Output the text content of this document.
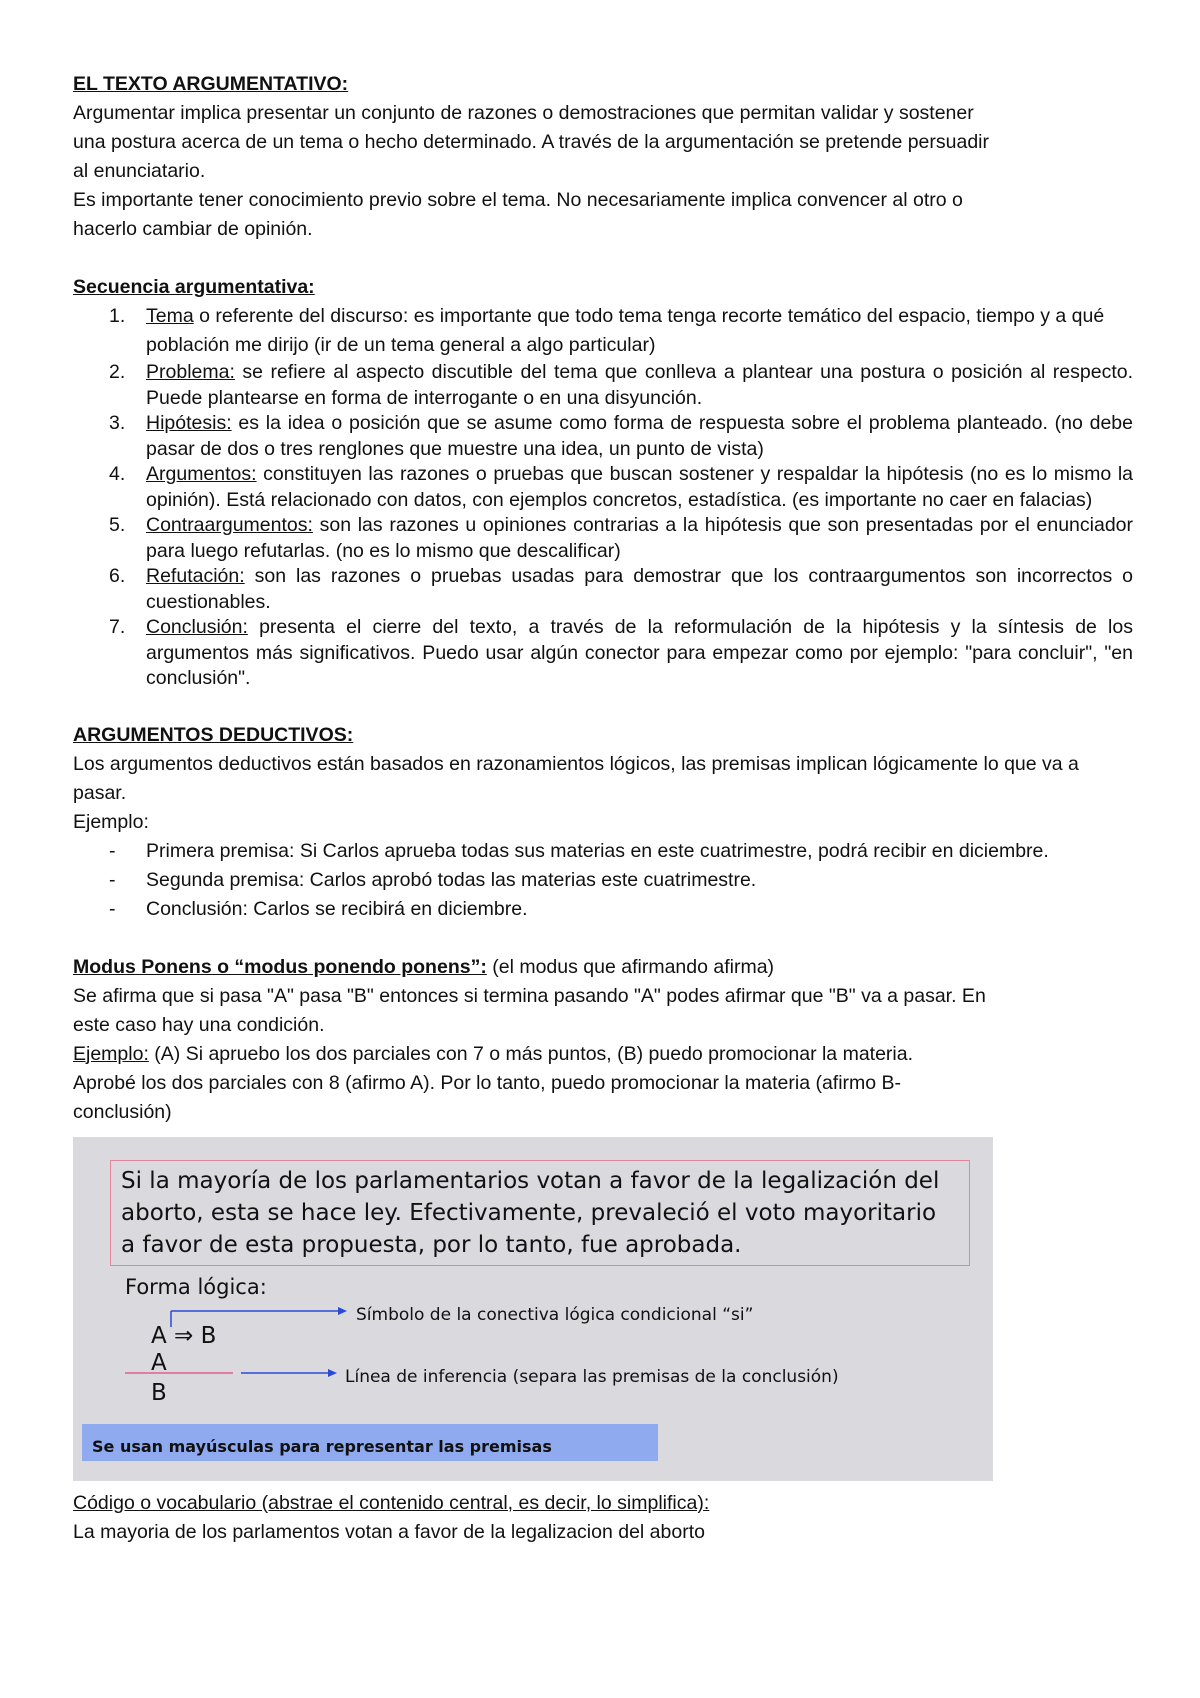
EL TEXTO ARGUMENTATIVO:

Argumentar implica presentar un conjunto de razones o demostraciones que permitan validar y sostener

una postura acerca de un tema o hecho determinado. A través de la argumentación se pretende persuadir

al enunciatario.

Es importante tener conocimiento previo sobre el tema. No necesariamente implica convencer al otro o

hacerlo cambiar de opinión.

Secuencia argumentativa:

1. Tema o referente del discurso: es importante que todo tema tenga recorte temático del espacio, tiempo y a qué población me dirijo (ir de un tema general a algo particular)
2. Problema: se refiere al aspecto discutible del tema que conlleva a plantear una postura o posición al respecto. Puede plantearse en forma de interrogante o en una disyunción.
3. Hipótesis: es la idea o posición que se asume como forma de respuesta sobre el problema planteado. (no debe pasar de dos o tres renglones que muestre una idea, un punto de vista)
4. Argumentos: constituyen las razones o pruebas que buscan sostener y respaldar la hipótesis (no es lo mismo la opinión). Está relacionado con datos, con ejemplos concretos, estadística. (es importante no caer en falacias)
5. Contraargumentos: son las razones u opiniones contrarias a la hipótesis que son presentadas por el enunciador para luego refutarlas. (no es lo mismo que descalificar)
6. Refutación: son las razones o pruebas usadas para demostrar que los contraargumentos son incorrectos o cuestionables.
7. Conclusión: presenta el cierre del texto, a través de la reformulación de la hipótesis y la síntesis de los argumentos más significativos. Puedo usar algún conector para empezar como por ejemplo: "para concluir", "en conclusión".

ARGUMENTOS DEDUCTIVOS:

Los argumentos deductivos están basados en razonamientos lógicos, las premisas implican lógicamente lo que va a pasar.

Ejemplo:

- Primera premisa: Si Carlos aprueba todas sus materias en este cuatrimestre, podrá recibir en diciembre.
- Segunda premisa: Carlos aprobó todas las materias este cuatrimestre.
- Conclusión: Carlos se recibirá en diciembre.

Modus Ponens o “modus ponendo ponens”: (el modus que afirmando afirma)

Se afirma que si pasa "A" pasa "B" entonces si termina pasando "A" podes afirmar que "B" va a pasar. En

este caso hay una condición.

Ejemplo: (A) Si apruebo los dos parciales con 7 o más puntos, (B) puedo promocionar la materia.

Aprobé los dos parciales con 8 (afirmo A). Por lo tanto, puedo promocionar la materia (afirmo B-

conclusión)

Si la mayoría de los parlamentarios votan a favor de la legalización del aborto, esta se hace ley. Efectivamente, prevaleció el voto mayoritario a favor de esta propuesta, por lo tanto, fue aprobada.
Forma lógica:
A ⇒ B
A
B
Símbolo de la conectiva lógica condicional “si”
Línea de inferencia (separa las premisas de la conclusión)
Se usan mayúsculas para representar las premisas

Código o vocabulario (abstrae el contenido central, es decir, lo simplifica):

La mayoria de los parlamentos votan a favor de la legalizacion del aborto
